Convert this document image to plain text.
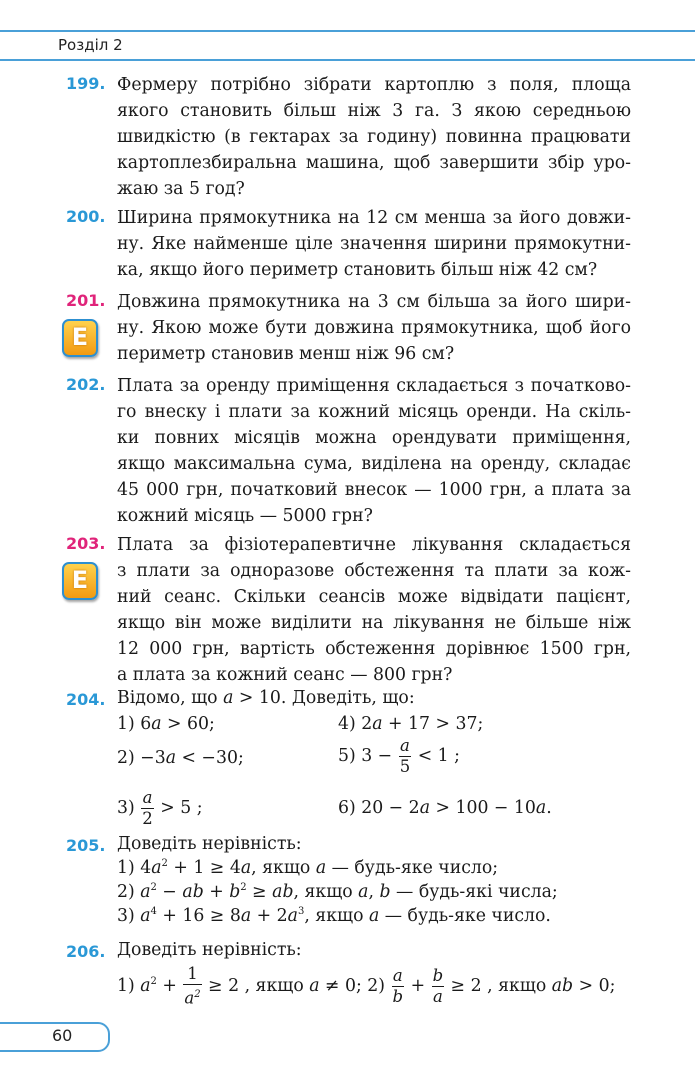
Розділ 2
199. Фермеру потрібно зібрати картоплю з поля, площа
якого становить більш ніж 3 га. З якою середньою
швидкістю (в гектарах за годину) повинна працювати
картоплезбиральна машина, щоб завершити збір уро-
жаю за 5 год?
200. Ширина прямокутника на 12 см менша за його довжи-
ну. Яке найменше ціле значення ширини прямокутни-
ка, якщо його периметр становить більш ніж 42 см?
201.
Е
Довжина прямокутника на 3 см більша за його шири-
ну. Якою може бути довжина прямокутника, щоб його
периметр становив менш ніж 96 см?
202. Плата за оренду приміщення складається з початково-
го внеску і плати за кожний місяць оренди. На скіль-
ки повних місяців можна орендувати приміщення,
якщо максимальна сума, виділена на оренду, складає
45 000 грн, початковий внесок — 1000 грн, а плата за
кожний місяць — 5000 грн?
203.
Е
Плата за фізіотерапевтичне лікування складається
з плати за одноразове обстеження та плати за кож-
ний сеанс. Скільки сеансів може відвідати пацієнт,
якщо він може виділити на лікування не більше ніж
12 000 грн, вартість обстеження дорівнює 1500 грн,
а плата за кожний сеанс — 800 грн?
204. Відомо, що a > 10. Доведіть, що:
1) 6a > 60;	4) 2a + 17 > 37;
2) −3a < −30;	5) $3 - \frac{a}{5} < 1$ ;
$3) \frac{a}{2} > 5$ ;	6) 20 − 2a > 100 − 10a.
205. Доведіть нерівність:
1) $4a^2 + 1 \ge 4a$, якщо a — будь-яке число;
2) $a^2$ − ab + $b^2$ ≥ ab, якщо a, b — будь-які числа;
3) $a^4 + 16 \ge 8a + 2a^3$, якщо a — будь-яке число.
206. Доведіть нерівність:
1) $a^2 + \frac{1}{a^2} \ge 2$ , якщо a ≠ 0; $2) \frac{a}{b} + \frac{b}{a} \ge 2$ , якщо ab > 0;
60
